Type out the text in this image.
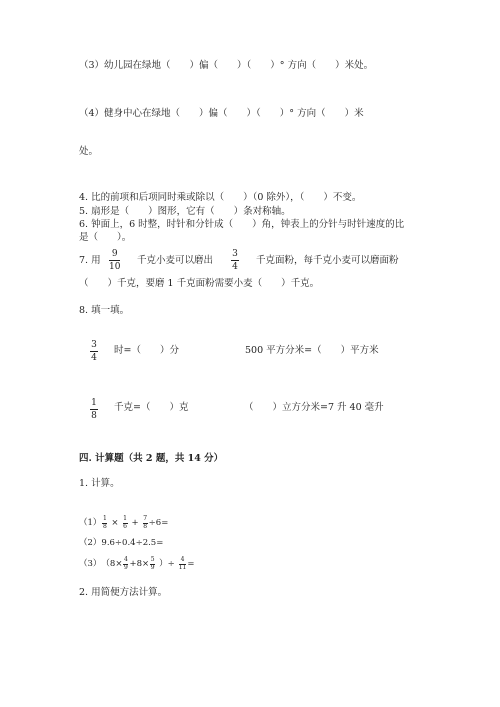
（3）幼儿园在绿地（　　）偏（　　）（　　）° 方向（　　）米处。
（4）健身中心在绿地（　　）偏（　　）（　　）° 方向（　　）米
处。
4. 比的前项和后项同时乘或除以（　　）（0 除外），（　　）不变。
5. 扇形是（　　）图形，它有（　　）条对称轴。
6. 钟面上，6 时整，时针和分针成（　　）角，钟表上的分针与时针速度的比
是（　　）。
7. 用
9
10
千克小麦可以磨出
3
4
千克面粉，每千克小麦可以磨面粉
（　　）千克，要磨 1 千克面粉需要小麦（　　）千克。
8. 填一填。
3
4
时=（　　）分	500 平方分米=（　　）平方米
1
8
千克=（　　）克	（　　）立方分米=7 升 40 毫升
四. 计算题（共 2 题，共 14 分）
1. 计算。
（1） 1
8 × 1
6 + 7
8 ÷6=
（2）9.6÷0.4÷2.5=
（3） （8× 4
9 +8× 5
9 ）÷ 4
11 =
2. 用简便方法计算。
